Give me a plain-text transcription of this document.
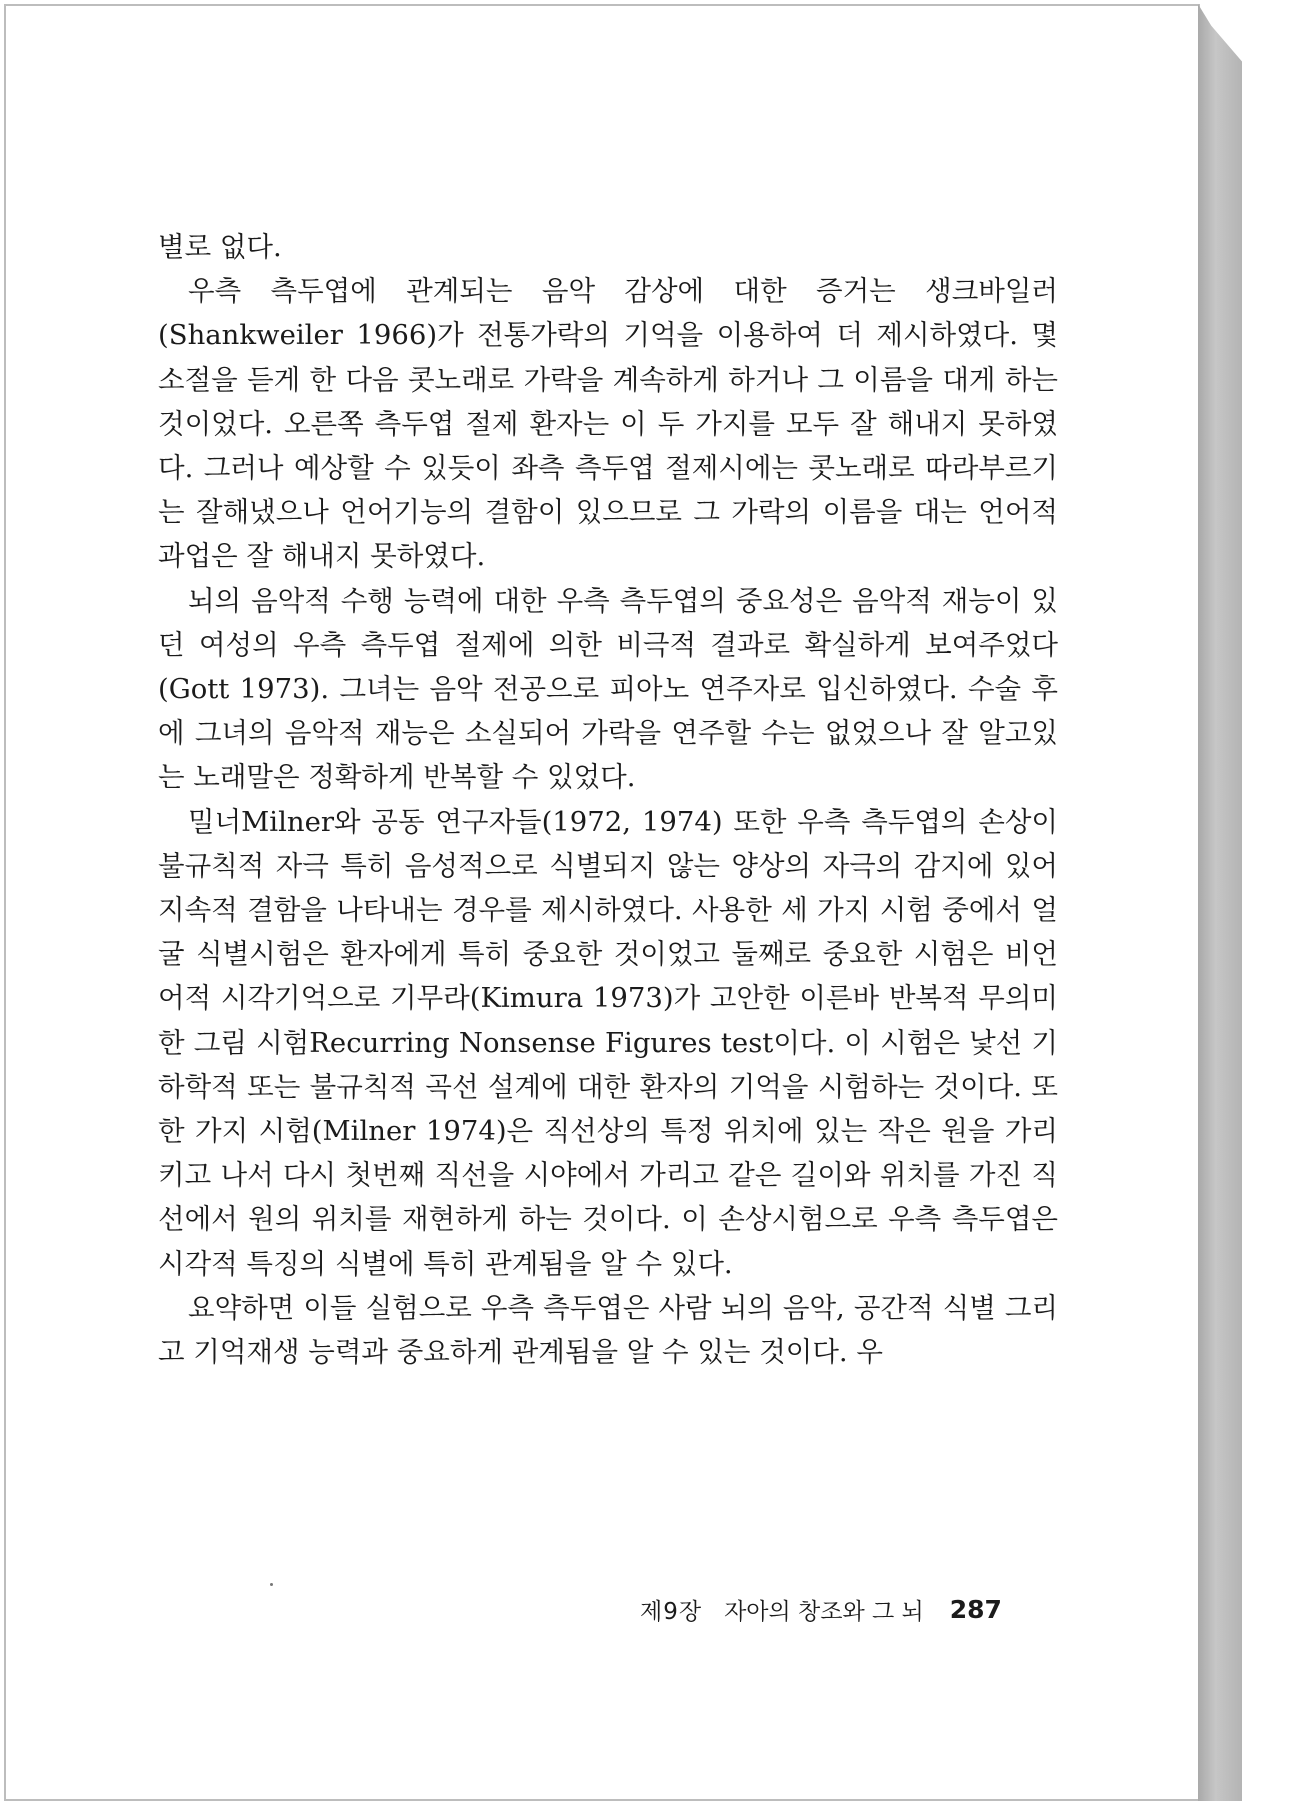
별로 없다.

우측 측두엽에 관계되는 음악 감상에 대한 증거는 생크바일러(Shankweiler 1966)가 전통가락의 기억을 이용하여 더 제시하였다. 몇 소절을 듣게 한 다음 콧노래로 가락을 계속하게 하거나 그 이름을 대게 하는 것이었다. 오른쪽 측두엽 절제 환자는 이 두 가지를 모두 잘 해내지 못하였다. 그러나 예상할 수 있듯이 좌측 측두엽 절제시에는 콧노래로 따라부르기는 잘해냈으나 언어기능의 결함이 있으므로 그 가락의 이름을 대는 언어적 과업은 잘 해내지 못하였다.

뇌의 음악적 수행 능력에 대한 우측 측두엽의 중요성은 음악적 재능이 있던 여성의 우측 측두엽 절제에 의한 비극적 결과로 확실하게 보여주었다(Gott 1973). 그녀는 음악 전공으로 피아노 연주자로 입신하였다. 수술 후에 그녀의 음악적 재능은 소실되어 가락을 연주할 수는 없었으나 잘 알고있는 노래말은 정확하게 반복할 수 있었다.

밀너Milner와 공동 연구자들(1972, 1974) 또한 우측 측두엽의 손상이 불규칙적 자극 특히 음성적으로 식별되지 않는 양상의 자극의 감지에 있어 지속적 결함을 나타내는 경우를 제시하였다. 사용한 세 가지 시험 중에서 얼굴 식별시험은 환자에게 특히 중요한 것이었고 둘째로 중요한 시험은 비언어적 시각기억으로 기무라(Kimura 1973)가 고안한 이른바 반복적 무의미한 그림 시험Recurring Nonsense Figures test이다. 이 시험은 낯선 기하학적 또는 불규칙적 곡선 설계에 대한 환자의 기억을 시험하는 것이다. 또 한 가지 시험(Milner 1974)은 직선상의 특정 위치에 있는 작은 원을 가리키고 나서 다시 첫번째 직선을 시야에서 가리고 같은 길이와 위치를 가진 직선에서 원의 위치를 재현하게 하는 것이다. 이 손상시험으로 우측 측두엽은 시각적 특징의 식별에 특히 관계됨을 알 수 있다.

요약하면 이들 실험으로 우측 측두엽은 사람 뇌의 음악, 공간적 식별 그리고 기억재생 능력과 중요하게 관계됨을 알 수 있는 것이다. 우

제9장 자아의 창조와 그 뇌 287
